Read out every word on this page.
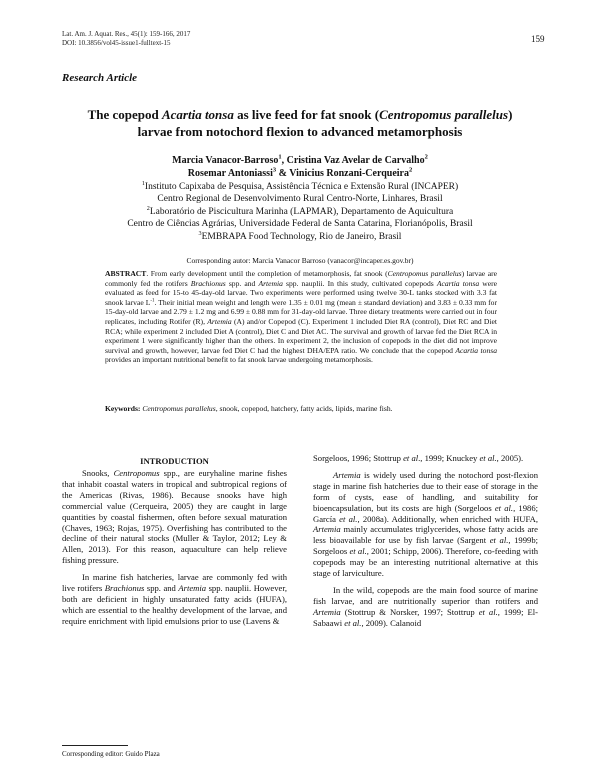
Lat. Am. J. Aquat. Res., 45(1): 159-166, 2017
DOI: 10.3856/vol45-issue1-fulltext-15	159
Research Article
The copepod Acartia tonsa as live feed for fat snook (Centropomus parallelus)
larvae from notochord flexion to advanced metamorphosis
Marcia Vanacor-Barroso$^1$, Cristina Vaz Avelar de Carvalho$^2$
Rosemar Antoniassi$^3$ & Vinicius Ronzani-Cerqueira$^2$
$^1$Instituto Capixaba de Pesquisa, Assistência Técnica e Extensão Rural (INCAPER)
Centro Regional de Desenvolvimento Rural Centro-Norte, Linhares, Brasil
$^2$Laboratório de Piscicultura Marinha (LAPMAR), Departamento de Aquicultura
Centro de Ciências Agrárias, Universidade Federal de Santa Catarina, Florianópolis, Brasil
$^3$EMBRAPA Food Technology, Rio de Janeiro, Brasil
Corresponding autor: Marcia Vanacor Barroso (vanacor@incaper.es.gov.br)
ABSTRACT. From early development until the completion of metamorphosis, fat snook (Centropomus parallelus) larvae are commonly fed the rotifers Brachionus spp. and Artemia spp. nauplii. In this study, cultivated copepods Acartia tonsa were evaluated as feed for 15-to 45-day-old larvae. Two experiments were performed using twelve 30-L tanks stocked with 3.3 fat snook larvae $L^{-1}$. Their initial mean weight and length were 1.35 ± 0.01 mg (mean ± standard deviation) and 3.83 ± 0.33 mm for 15-day-old larvae and 2.79 ± 1.2 mg and 6.99 ± 0.88 mm for 31-day-old larvae. Three dietary treatments were carried out in four replicates, including Rotifer (R), Artemia (A) and/or Copepod (C). Experiment 1 included Diet RA (control), Diet RC and Diet RCA; while experiment 2 included Diet A (control), Diet C and Diet AC. The survival and growth of larvae fed the Diet RCA in experiment 1 were significantly higher than the others. In experiment 2, the inclusion of copepods in the diet did not improve survival and growth, however, larvae fed Diet C had the highest DHA/EPA ratio. We conclude that the copepod Acartia tonsa provides an important nutritional benefit to fat snook larvae undergoing metamorphosis.
Keywords: Centropomus parallelus, snook, copepod, hatchery, fatty acids, lipids, marine fish.
INTRODUCTION

Snooks, Centropomus spp., are euryhaline marine fishes that inhabit coastal waters in tropical and subtropical regions of the Americas (Rivas, 1986). Because snooks have high commercial value (Cerqueira, 2005) they are caught in large quantities by coastal fishermen, often before sexual maturation (Chaves, 1963; Rojas, 1975). Overfishing has contributed to the decline of their natural stocks (Muller & Taylor, 2012; Ley & Allen, 2013). For this reason, aquaculture can help relieve fishing pressure.

In marine fish hatcheries, larvae are commonly fed with live rotifers Brachionus spp. and Artemia spp. nauplii. However, both are deficient in highly unsaturated fatty acids (HUFA), which are essential to the healthy development of the larvae, and require enrichment with lipid emulsions prior to use (Lavens &

Sorgeloos, 1996; Stottrup et al., 1999; Knuckey et al., 2005).

Artemia is widely used during the notochord post-flexion stage in marine fish hatcheries due to their ease of storage in the form of cysts, ease of handling, and suitability for bioencapsulation, but its costs are high (Sorgeloos et al., 1986; García et al., 2008a). Additionally, when enriched with HUFA, Artemia mainly accumulates triglycerides, whose fatty acids are less bioavailable for use by fish larvae (Sargent et al., 1999b; Sorgeloos et al., 2001; Schipp, 2006). Therefore, co-feeding with copepods may be an interesting nutritional alternative at this stage of larviculture.

In the wild, copepods are the main food source of marine fish larvae, and are nutritionally superior than rotifers and Artemia (Stottrup & Norsker, 1997; Stottrup et al., 1999; El-Sabaawi et al., 2009). Calanoid

Corresponding editor: Guido Plaza
